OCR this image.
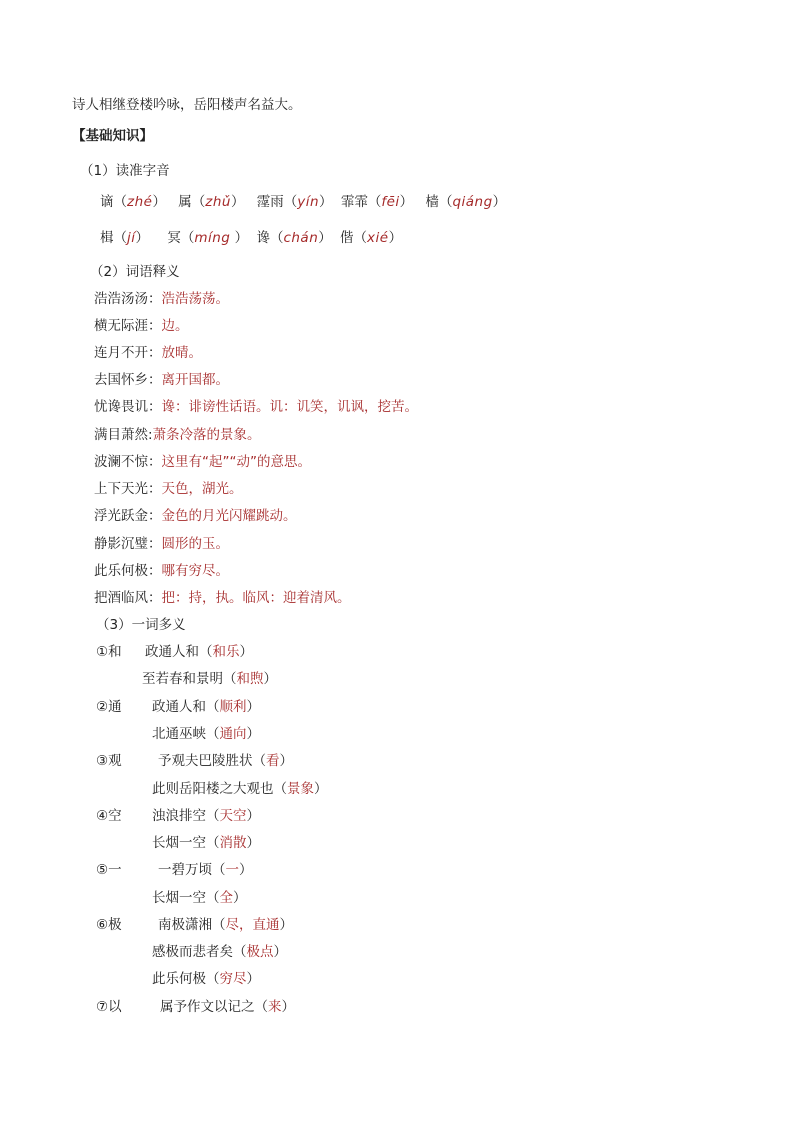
诗人相继登楼吟咏，岳阳楼声名益大。
【基础知识】
（1）读准字音
谪（zhé） 属（zhǔ） 霪雨（yín） 霏霏（fēi） 樯（qiáng）
楫（jí） 冥（míng ） 谗（chán） 偕（xié）
（2）词语释义
浩浩汤汤：浩浩荡荡。
横无际涯：边。
连月不开：放晴。
去国怀乡：离开国都。
忧谗畏讥：谗：诽谤性话语。讥：讥笑，讥讽，挖苦。
满目萧然:萧条冷落的景象。
波澜不惊：这里有“起”“动”的意思。
上下天光：天色，湖光。
浮光跃金：金色的月光闪耀跳动。
静影沉璧：圆形的玉。
此乐何极：哪有穷尽。
把酒临风：把：持，执。临风：迎着清风。
（3）一词多义
①和 政通人和（和乐）
至若春和景明（和煦）
②通 政通人和（顺利）
北通巫峡（通向）
③观	予观夫巴陵胜状（看）
此则岳阳楼之大观也（景象）
④空 浊浪排空（天空）
长烟一空（消散）
⑤一	一碧万顷（一）
长烟一空（全）
⑥极	南极潇湘（尽，直通）
感极而悲者矣（极点）
此乐何极（穷尽）
⑦以	属予作文以记之（来）
